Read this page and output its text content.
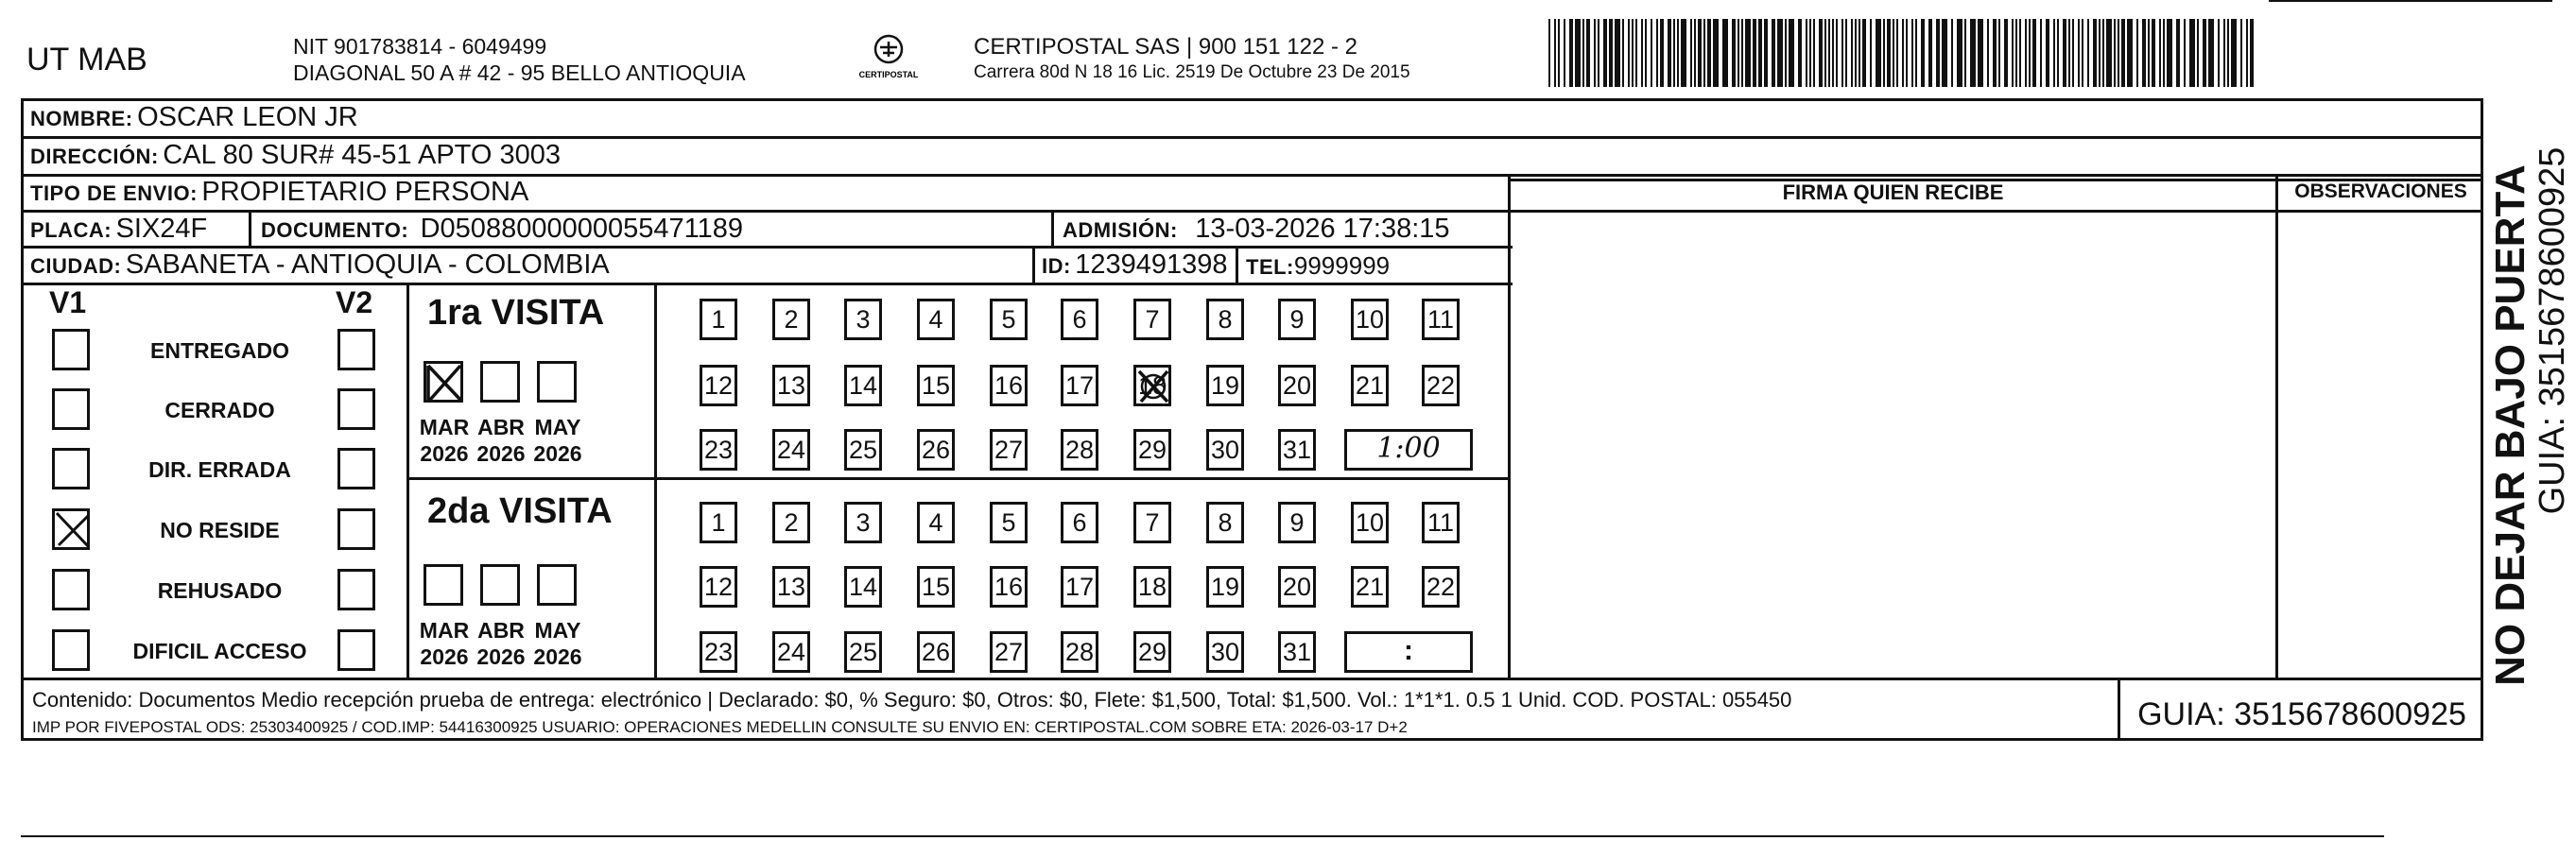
UT MAB	NIT 901783814 - 6049499
DIAGONAL 50 A # 42 - 95 BELLO ANTIOQUIA	CERTIPOSTAL
CERTIPOSTAL SAS | 900 151 122 - 2
Carrera 80d N 18 16 Lic. 2519 De Octubre 23 De 2015
NOMBRE: OSCAR LEON JR
DIRECCIÓN: CAL 80 SUR# 45-51 APTO 3003
TIPO DE ENVIO: PROPIETARIO PERSONA
PLACA: SIX24F	DOCUMENTO: D05088000000055471189	ADMISIÓN: 13-03-2026 17:38:15
CIUDAD: SABANETA - ANTIOQUIA - COLOMBIA	ID: 1239491398 TEL:9999999
FIRMA QUIEN RECIBE	OBSERVACIONES
V1	V2
ENTREGADO
CERRADO
DIR. ERRADA
NO RESIDE
REHUSADO
DIFICIL ACCESO
1ra VISITA
2da VISITA
MAR
2026
ABR
2026
MAY
2026
1	2	3	4	5	6	7	8	9	10 11
12 13 14 15 16 17 18 19 20 21 22
23 24 25 26 27 28 29 30 31	1:00
MAR
2026
ABR
2026
MAY
2026
1	2	3	4	5	6	7	8	9	10 11
12 13 14 15 16 17 18 19 20 21 22
23 24 25 26 27 28 29 30 31	:
Contenido: Documentos Medio recepción prueba de entrega: electrónico | Declarado: $0, % Seguro: $0, Otros: $0, Flete: $1,500, Total: $1,500. Vol.: 1*1*1. 0.5 1 Unid. COD. POSTAL: 055450
IMP POR FIVEPOSTAL ODS: 25303400925 / COD.IMP: 54416300925 USUARIO: OPERACIONES MEDELLIN CONSULTE SU ENVIO EN: CERTIPOSTAL.COM SOBRE ETA: 2026-03-17 D+2	GUIA: 3515678600925
NO DEJAR BAJO PUERTA GUIA: 3515678600925
